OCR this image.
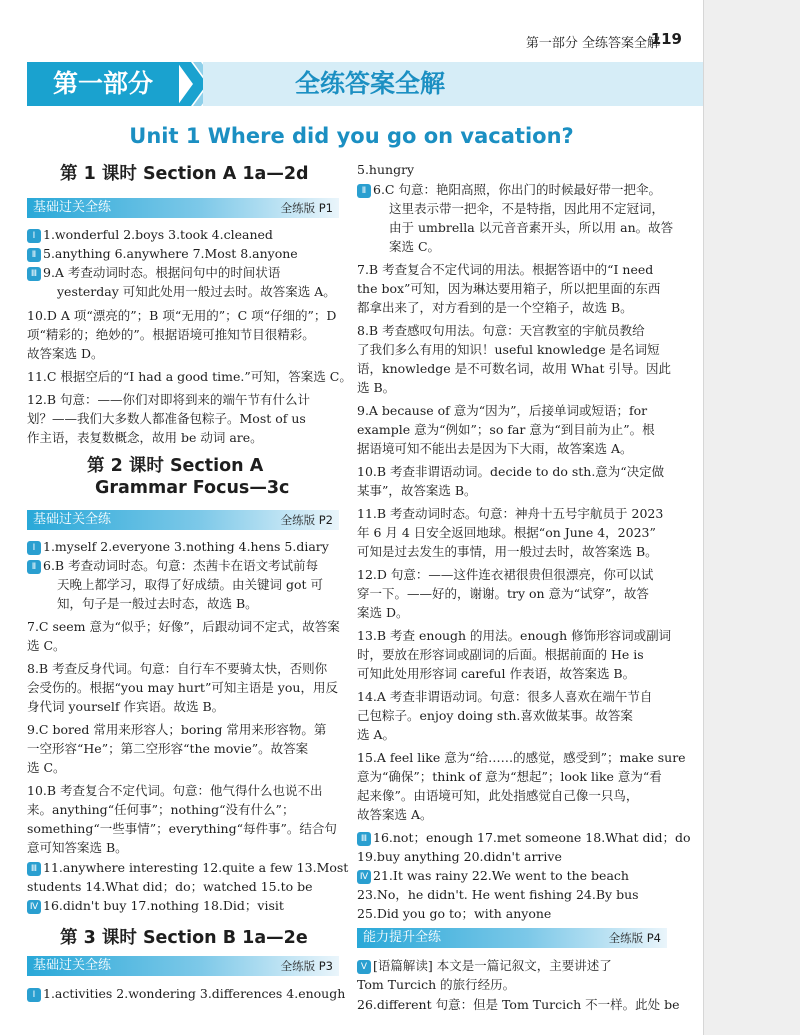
第一部分 全练答案全解
119
第一部分	全练答案全解
Unit 1 Where did you go on vacation?
第 1 课时 Section A 1a—2d
基础过关全练	全练版 P1
Ⅰ 1.wonderful 2.boys 3.took 4.cleaned
Ⅱ 5.anything 6.anywhere 7.Most 8.anyone
Ⅲ 9.A 考查动词时态。根据问句中的时间状语
yesterday 可知此处用一般过去时。故答案选 A。
10.D A 项“漂亮的”；B 项“无用的”；C 项“仔细的”；D
项“精彩的；绝妙的”。根据语境可推知节目很精彩。
故答案选 D。
11.C 根据空后的“I had a good time.”可知，答案选 C。
12.B 句意：——你们对即将到来的端午节有什么计
划？——我们大多数人都准备包粽子。Most of us
作主语，表复数概念，故用 be 动词 are。
第 2 课时 Section A
Grammar Focus—3c
基础过关全练	全练版 P2
Ⅰ 1.myself 2.everyone 3.nothing 4.hens 5.diary
Ⅱ 6.B 考查动词时态。句意：杰茜卡在语文考试前每
天晚上都学习，取得了好成绩。由关键词 got 可
知，句子是一般过去时态，故选 B。
7.C seem 意为“似乎；好像”，后跟动词不定式，故答案
选 C。
8.B 考查反身代词。句意：自行车不要骑太快，否则你
会受伤的。根据“you may hurt”可知主语是 you，用反
身代词 yourself 作宾语。故选 B。
9.C bored 常用来形容人；boring 常用来形容物。第
一空形容“He”；第二空形容“the movie”。故答案
选 C。
10.B 考查复合不定代词。句意：他气得什么也说不出
来。anything“任何事”；nothing“没有什么”；
something“一些事情”；everything“每件事”。结合句
意可知答案选 B。
Ⅲ 11.anywhere interesting 12.quite a few 13.Most
students 14.What did；do；watched 15.to be
Ⅳ 16.didn't buy 17.nothing 18.Did；visit
第 3 课时 Section B 1a—2e
基础过关全练	全练版 P3
Ⅰ 1.activities 2.wondering 3.differences 4.enough
5.hungry
Ⅱ 6.C 句意：艳阳高照，你出门的时候最好带一把伞。
这里表示带一把伞，不是特指，因此用不定冠词，
由于 umbrella 以元音音素开头，所以用 an。故答
案选 C。
7.B 考查复合不定代词的用法。根据答语中的“I need
the box”可知，因为琳达要用箱子，所以把里面的东西
都拿出来了，对方看到的是一个空箱子，故选 B。
8.B 考查感叹句用法。句意：天宫教室的宇航员教给
了我们多么有用的知识！useful knowledge 是名词短
语，knowledge 是不可数名词，故用 What 引导。因此
选 B。
9.A because of 意为“因为”，后接单词或短语；for
example 意为“例如”；so far 意为“到目前为止”。根
据语境可知不能出去是因为下大雨，故答案选 A。
10.B 考查非谓语动词。decide to do sth.意为“决定做
某事”，故答案选 B。
11.B 考查动词时态。句意：神舟十五号宇航员于 2023
年 6 月 4 日安全返回地球。根据“on June 4，2023”
可知是过去发生的事情，用一般过去时，故答案选 B。
12.D 句意：——这件连衣裙很贵但很漂亮，你可以试
穿一下。——好的，谢谢。try on 意为“试穿”，故答
案选 D。
13.B 考查 enough 的用法。enough 修饰形容词或副词
时，要放在形容词或副词的后面。根据前面的 He is
可知此处用形容词 careful 作表语，故答案选 B。
14.A 考查非谓语动词。句意：很多人喜欢在端午节自
己包粽子。enjoy doing sth.喜欢做某事。故答案
选 A。
15.A feel like 意为“给……的感觉，感受到”；make sure
意为“确保”；think of 意为“想起”；look like 意为“看
起来像”。由语境可知，此处指感觉自己像一只鸟，
故答案选 A。
Ⅲ 16.not；enough 17.met someone 18.What did；do
19.buy anything 20.didn't arrive
Ⅳ 21.It was rainy 22.We went to the beach
23.No，he didn't. He went fishing 24.By bus
25.Did you go to；with anyone
能力提升全练	全练版 P4
Ⅴ [语篇解读] 本文是一篇记叙文，主要讲述了
Tom Turcich 的旅行经历。
26.different 句意：但是 Tom Turcich 不一样。此处 be
